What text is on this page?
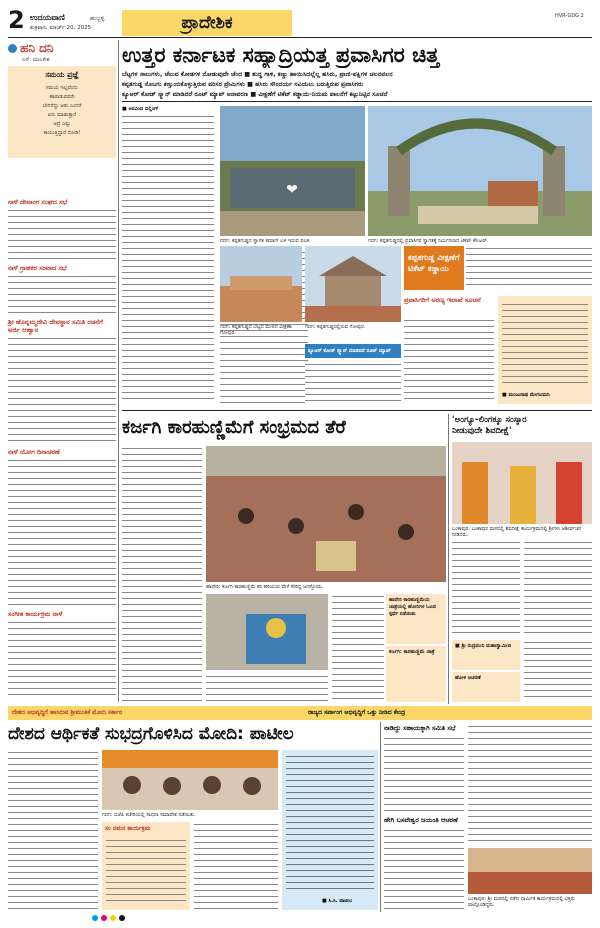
2 ಉದಯವಾಣಿ	ಹುಬ್ಬಳ್ಳಿ
ಶುಕ್ರವಾರ, ಮಾರ್ಚ್ 20, 2025	ಪ್ರಾದೇಶಿಕ	HVR-GDG 2
ಹನಿ ದನಿ
ಎಸ್. ಮಾಲತೇಶ
ಸಮಯ ಪ್ರಜ್ಞೆ
ಸಮಯ ಇಲ್ಲವೆಂದು
ಹಾರಾಡುವವರೇ
ಬೇಗನೆದ್ದು ಆಡು ಎಂದರೆ
ಏನು ಮಾಡುತ್ತಾರೆ
ಆದ್ರೆ ಎಷ್ಟು
ಕಾಯುತ್ತಿದ್ದಾರೆ ನೋಡಿ!
ನಾಳೆ ದೇವಾಂಗ ಸಂಘದ ಸಭೆ
ನಾಳೆ ಗ್ರಾಹಕರ ಸಂವಾದ ಸಭೆ
ಶ್ರೀ ಹೊನ್ನಮ್ಮದೇವಿ ದೇವಸ್ಥಾನ ಸಮಿತಿ ರಚನೆಗೆ ಅರ್ಜಿ ಆಹ್ವಾನ
ನಾಳೆ ಯೋಗ ದಿನಾಚರಣೆ
ಸಂಗೀತ ಕಾರ್ಯಕ್ರಮ ನಾಳೆ
ಉತ್ತರ ಕರ್ನಾಟಕ ಸಹ್ಯಾದ್ರಿಯತ್ತ ಪ್ರವಾಸಿಗರ ಚಿತ್ತ
ಬೆಟ್ಟಗಳ ಸಾಲುಗಳು, ಚೆಲುವ ಕೋಡಗಳ ನೋಡುವುದೇ ಚೆಂದ ■ ಶುದ್ಧ ಗಾಳಿ, ಕಣ್ಣು ಹಾಯಿಸಿದಲ್ಲೆಲ್ಲ ಹಸಿರು, ಪ್ರಾಣಿ-ಪಕ್ಷಿಗಳ ಚಲನವಲನ
ಕಪ್ಪತಗುಡ್ಡ ಸೊಬಗು ಕಣ್ತುಂಬಿಕೊಳ್ಳುತ್ತಿರುವ ಪರಿಸರ ಪ್ರೇಮಿಗಳು ■ ಹಸಿರು ಸೌಂದರ್ಯ ಸವಿಯಲು ಬರುತ್ತಿರುವ ಪ್ರವಾಸಿಗರು
ಕ್ಯೂಆರ್ ಕೋಡ್ ಸ್ಕ್ಯಾನ್ ಮಾಡಿದರೆ ರೂಟ್ ಮ್ಯಾಪ್ ಅನಾವರಣ ■ ವೀಕ್ಷಣೆಗೆ ಟಿಕೆಟ್ ಕಡ್ಡಾಯ-ನಿಯಮ ಪಾಲನೆಗೆ ಕಟ್ಟುನಿಟ್ಟಿನ ಸೂಚನೆ
■ ಅರವಿಂದ ಬಿಲ್ಲಿಂಗ್
❤
ಗದಗ: ಕಪ್ಪತಗುಡ್ಡದ ಸ್ವಾಗತ ಕಮಾನ್ ಬಳಿ ಇರುವ ಫಲಕ.	ಗದಗ: ಕಪ್ಪತಗುಡ್ಡದಲ್ಲಿ ಪ್ರವಾಸಿಗರ ಸ್ವಾಗತಕ್ಕೆ ನಿರ್ಮಿಸಲಾದ ಟಿಕೆಟ್ ಕೌಂಟರ್.
ಗದಗ: ಕಪ್ಪತಗುಡ್ಡದ ಬೆಟ್ಟದ ಮೇಲಿನ ವೀಕ್ಷಣಾ ಗೋಪುರ.
ಗದಗ: ಕಪ್ಪತಗುಡ್ಡದಲ್ಲಿರುವ ಗೋಪುರ.
ಕ್ಯೂಆರ್ ಕೋಡ್ ಸ್ಕ್ಯಾನ್ ಮಾಡಿದರೆ ರೂಟ್ ಮ್ಯಾಪ್
ಕಪ್ಪತಗುಡ್ಡ ವೀಕ್ಷಣೆಗೆ ಟಿಕೆಟ್ ಕಡ್ಡಾಯ
ಪ್ರವಾಸಿಗರಿಗೆ ಅರಣ್ಯ ಇಲಾಖೆ ಸೂಚನೆ
■ ಮಂಜುನಾಥ ಮೇಗಲಮನಿ
ಕರ್ಜಗಿ ಕಾರಹುಣ್ಣಿಮೆಗೆ ಸಂಭ್ರಮದ ತೆರೆ
ಹಾವೇರಿ: ಕರ್ಜಗಿ ಕಾರಹುಣ್ಣಿಮೆ ಕರಿ ಹರಿಯುವ ವೇಳೆ ಸೇರಿದ್ದ ಜನಸ್ತೋಮ.
ಹಾವೇರಿ ಕಾರಹುಣ್ಣಿಮೆಯ ಜಾತ್ರೆಯಲ್ಲಿ ಹೋರಿಗಳ ಓಟದ ಸ್ಪರ್ಧೆ ನಡೆಯಿತು
ಕರ್ಜಗಿ: ಕಾರಹುಣ್ಣಿಮೆ ಜಾತ್ರೆ
'ಅಂಗ್ಯೂ-ಲಿಂಗಕ್ಕೂ ಸಂಸ್ಕಾರ
ನೀಡುವುದೇ ಶಿವದೀಕ್ಷೆ'
ಬಂಕಾಪುರ: ಬಂಕಾಪುರ ಮಠದಲ್ಲಿ ಶಿವದೀಕ್ಷೆ ಕಾರ್ಯಕ್ರಮದಲ್ಲಿ ಶ್ರೀಗಳು ಆಶೀರ್ವಚನ ನೀಡಿದರು.
■ ಶ್ರೀ ರುದ್ರಮುನಿ ಮಹಾಸ್ವಾಮೀಜಿ
ಹೋಳಿ ಆಚರಣೆ
ದೇಶದ ಅಭಿವೃದ್ಧಿಗೆ ಹಾಸಿರುವ ಶ್ರೀಮಂತಿಕೆ ಮೋದಿ ಸರ್ಕಾರ	ರಾಜ್ಯದ ಸರ್ವಾಂಗ ಅಭಿವೃದ್ಧಿಗೆ ಒತ್ತು ನೀಡಿದ ಕೇಂದ್ರ
ದೇಶದ ಆರ್ಥಿಕತೆ ಸುಭದ್ರಗೊಳಿಸಿದ ಮೋದಿ: ಪಾಟೀಲ
ಗದಗ: ಬಿಜೆಪಿ ಕಚೇರಿಯಲ್ಲಿ ಸಾಧನಾ ಸಮಾವೇಶ ನಡೆಯಿತು.
ಸಂ ನಮನ ಕಾರ್ಯಕ್ರಮ
■ ಸಿ.ಸಿ. ಪಾಟೀಲ
ನಾಡಿದ್ದು ಸಹಾಯಕ್ಕಾಗಿ ಸಮಿತಿ ಸಭೆ
ಹೇಗಿ ಬಸವೇಶ್ವರ ಜಯಂತಿ ಆಚರಣೆ
ಬಂಕಾಪುರ: ಶ್ರೀ ಮಠದಲ್ಲಿ ನಡೆದ ಧಾರ್ಮಿಕ ಕಾರ್ಯಕ್ರಮದಲ್ಲಿ ಭಕ್ತರು ಪಾಲ್ಗೊಂಡಿದ್ದರು.
